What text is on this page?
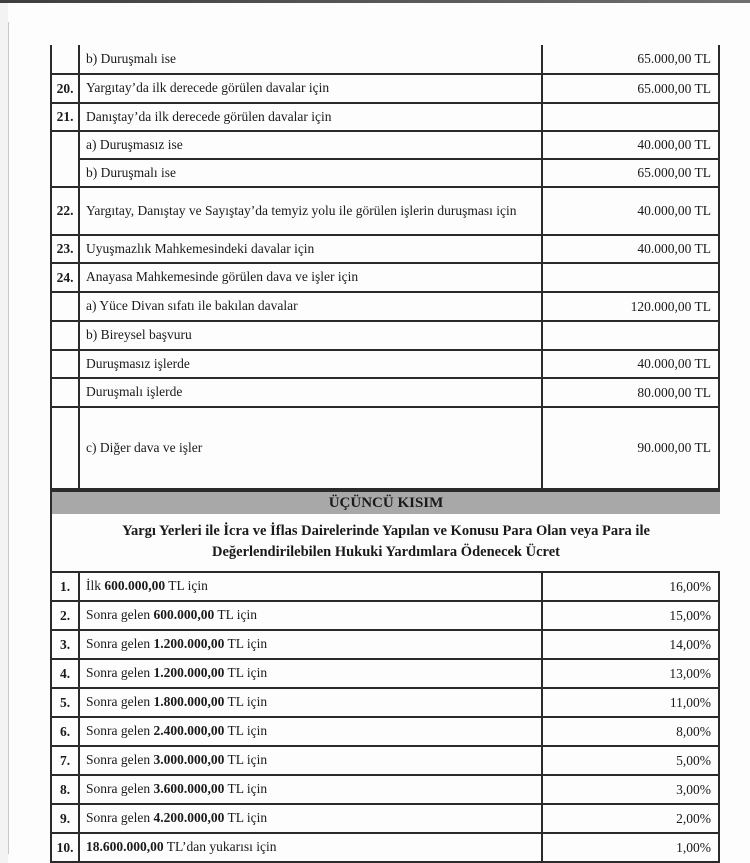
	b) Duruşmalı ise	65.000,00 TL
20.	Yargıtay’da ilk derecede görülen davalar için	65.000,00 TL
21.	Danıştay’da ilk derecede görülen davalar için	
	a) Duruşmasız ise	40.000,00 TL
	b) Duruşmalı ise	65.000,00 TL
22.	Yargıtay, Danıştay ve Sayıştay’da temyiz yolu ile görülen işlerin duruşması için	40.000,00 TL
23.	Uyuşmazlık Mahkemesindeki davalar için	40.000,00 TL
24.	Anayasa Mahkemesinde görülen dava ve işler için	
	a) Yüce Divan sıfatı ile bakılan davalar	120.000,00 TL
	b) Bireysel başvuru	
	Duruşmasız işlerde	40.000,00 TL
	Duruşmalı işlerde	80.000,00 TL
	c) Diğer dava ve işler	90.000,00 TL
ÜÇÜNCÜ KISIM
Yargı Yerleri ile İcra ve İflas Dairelerinde Yapılan ve Konusu Para Olan veya Para ile
Değerlendirilebilen Hukuki Yardımlara Ödenecek Ücret
1.	İlk 600.000,00 TL için	16,00%
2.	Sonra gelen 600.000,00 TL için	15,00%
3.	Sonra gelen 1.200.000,00 TL için	14,00%
4.	Sonra gelen 1.200.000,00 TL için	13,00%
5.	Sonra gelen 1.800.000,00 TL için	11,00%
6.	Sonra gelen 2.400.000,00 TL için	8,00%
7.	Sonra gelen 3.000.000,00 TL için	5,00%
8.	Sonra gelen 3.600.000,00 TL için	3,00%
9.	Sonra gelen 4.200.000,00 TL için	2,00%
10.	18.600.000,00 TL’dan yukarısı için	1,00%
